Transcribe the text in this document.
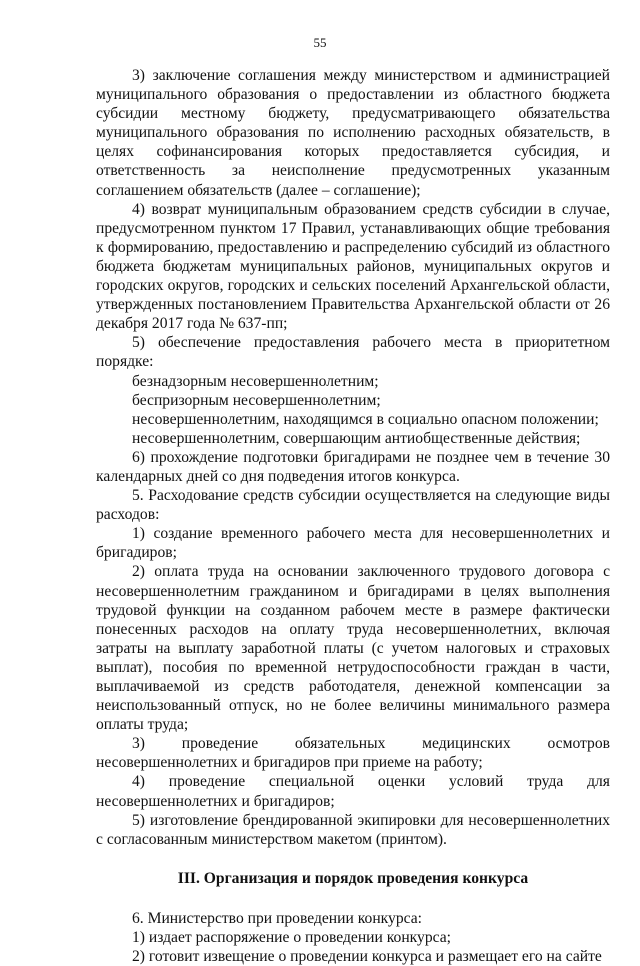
55

3) заключение соглашения между министерством и администрацией муниципального образования о предоставлении из областного бюджета субсидии местному бюджету, предусматривающего обязательства муниципального образования по исполнению расходных обязательств, в целях софинансирования которых предоставляется субсидия, и ответственность за неисполнение предусмотренных указанным соглашением обязательств (далее – соглашение);

4) возврат муниципальным образованием средств субсидии в случае, предусмотренном пунктом 17 Правил, устанавливающих общие требования к формированию, предоставлению и распределению субсидий из областного бюджета бюджетам муниципальных районов, муниципальных округов и городских округов, городских и сельских поселений Архангельской области, утвержденных постановлением Правительства Архангельской области от 26 декабря 2017 года № 637-пп;

5) обеспечение предоставления рабочего места в приоритетном порядке:

безнадзорным несовершеннолетним;

беспризорным несовершеннолетним;

несовершеннолетним, находящимся в социально опасном положении;

несовершеннолетним, совершающим антиобщественные действия;

6) прохождение подготовки бригадирами не позднее чем в течение 30 календарных дней со дня подведения итогов конкурса.

5. Расходование средств субсидии осуществляется на следующие виды расходов:

1) создание временного рабочего места для несовершеннолетних и бригадиров;

2) оплата труда на основании заключенного трудового договора с несовершеннолетним гражданином и бригадирами в целях выполнения трудовой функции на созданном рабочем месте в размере фактически понесенных расходов на оплату труда несовершеннолетних, включая затраты на выплату заработной платы (с учетом налоговых и страховых выплат), пособия по временной нетрудоспособности граждан в части, выплачиваемой из средств работодателя, денежной компенсации за неиспользованный отпуск, но не более величины минимального размера оплаты труда;

3) проведение обязательных медицинских осмотров несовершеннолетних и бригадиров при приеме на работу;

4) проведение специальной оценки условий труда для несовершеннолетних и бригадиров;

5) изготовление брендированной экипировки для несовершеннолетних с согласованным министерством макетом (принтом).

III. Организация и порядок проведения конкурса

6. Министерство при проведении конкурса:

1) издает распоряжение о проведении конкурса;

2) готовит извещение о проведении конкурса и размещает его на сайте
